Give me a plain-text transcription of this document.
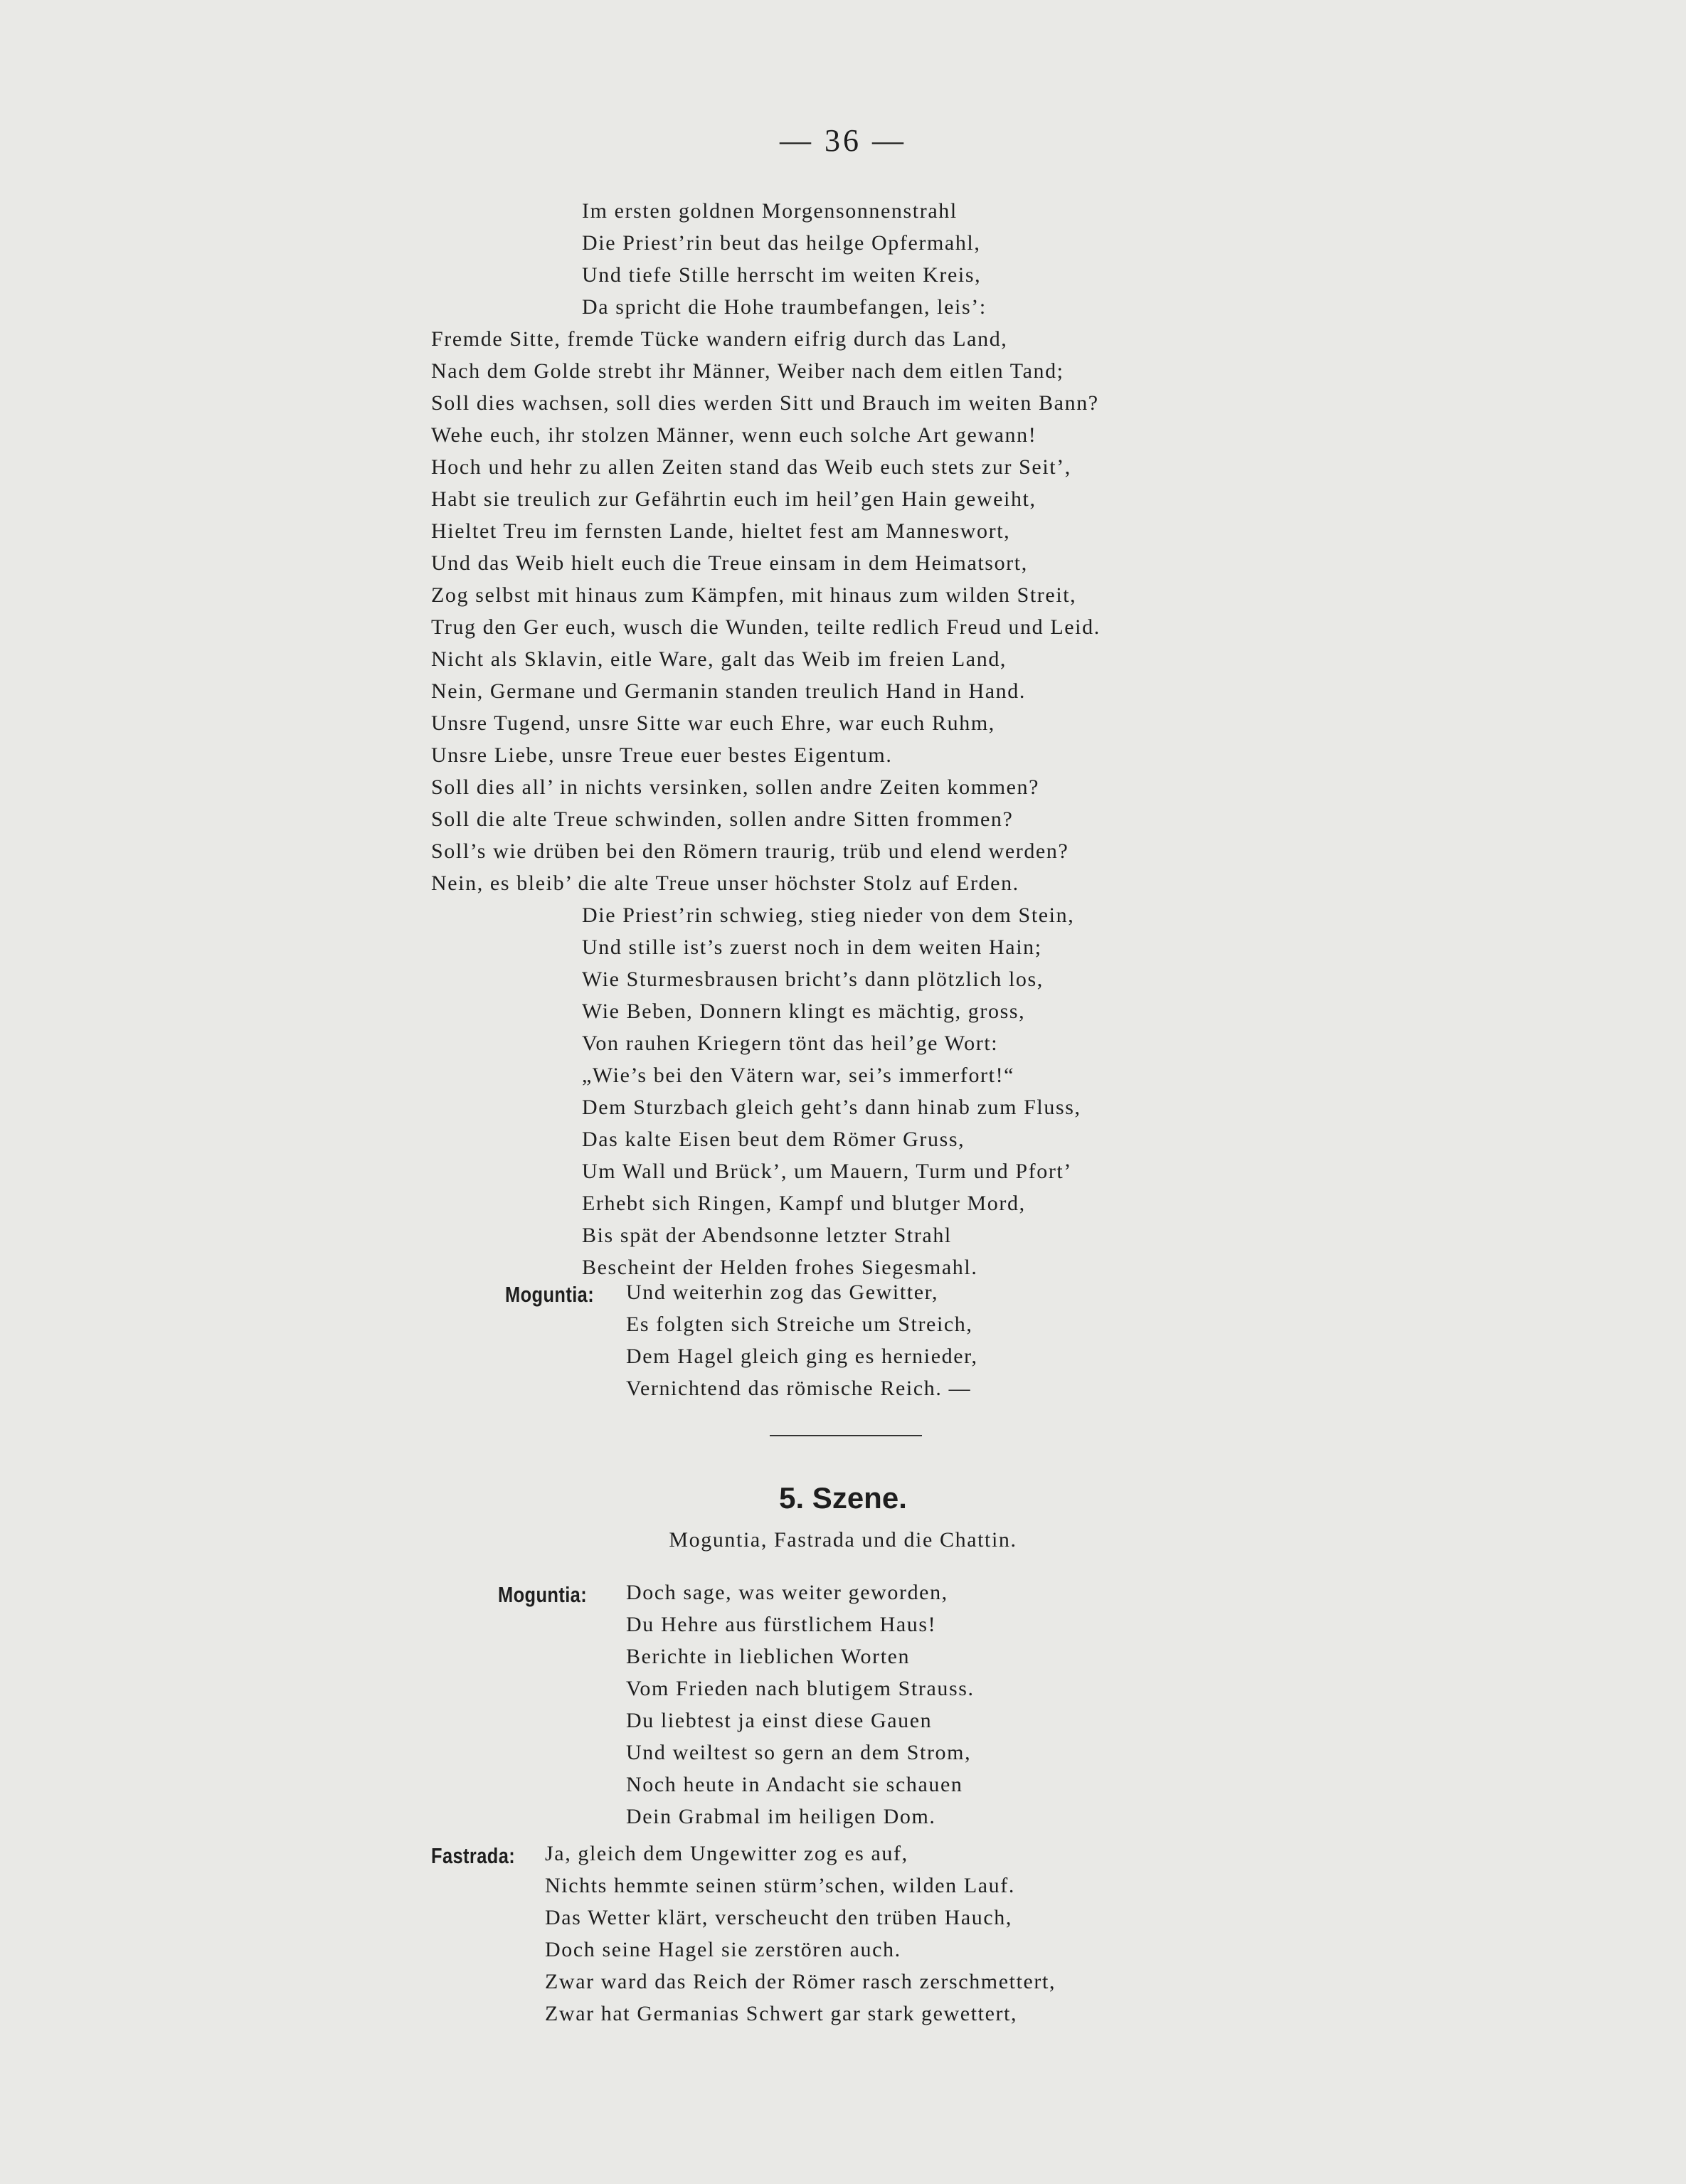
— 36 —
Im ersten goldnen Morgensonnenstrahl
Die Priest’rin beut das heilge Opfermahl,
Und tiefe Stille herrscht im weiten Kreis,
Da spricht die Hohe traumbefangen, leis’:
Fremde Sitte, fremde Tücke wandern eifrig durch das Land,
Nach dem Golde strebt ihr Männer, Weiber nach dem eitlen Tand;
Soll dies wachsen, soll dies werden Sitt und Brauch im weiten Bann?
Wehe euch, ihr stolzen Männer, wenn euch solche Art gewann!
Hoch und hehr zu allen Zeiten stand das Weib euch stets zur Seit’,
Habt sie treulich zur Gefährtin euch im heil’gen Hain geweiht,
Hieltet Treu im fernsten Lande, hieltet fest am Manneswort,
Und das Weib hielt euch die Treue einsam in dem Heimatsort,
Zog selbst mit hinaus zum Kämpfen, mit hinaus zum wilden Streit,
Trug den Ger euch, wusch die Wunden, teilte redlich Freud und Leid.
Nicht als Sklavin, eitle Ware, galt das Weib im freien Land,
Nein, Germane und Germanin standen treulich Hand in Hand.
Unsre Tugend, unsre Sitte war euch Ehre, war euch Ruhm,
Unsre Liebe, unsre Treue euer bestes Eigentum.
Soll dies all’ in nichts versinken, sollen andre Zeiten kommen?
Soll die alte Treue schwinden, sollen andre Sitten frommen?
Soll’s wie drüben bei den Römern traurig, trüb und elend werden?
Nein, es bleib’ die alte Treue unser höchster Stolz auf Erden.
Die Priest’rin schwieg, stieg nieder von dem Stein,
Und stille ist’s zuerst noch in dem weiten Hain;
Wie Sturmesbrausen bricht’s dann plötzlich los,
Wie Beben, Donnern klingt es mächtig, gross,
Von rauhen Kriegern tönt das heil’ge Wort:
„Wie’s bei den Vätern war, sei’s immerfort!“
Dem Sturzbach gleich geht’s dann hinab zum Fluss,
Das kalte Eisen beut dem Römer Gruss,
Um Wall und Brück’, um Mauern, Turm und Pfort’
Erhebt sich Ringen, Kampf und blutger Mord,
Bis spät der Abendsonne letzter Strahl
Bescheint der Helden frohes Siegesmahl.
Moguntia: Und weiterhin zog das Gewitter,
Es folgten sich Streiche um Streich,
Dem Hagel gleich ging es hernieder,
Vernichtend das römische Reich. —
5. Szene.
Moguntia, Fastrada und die Chattin.
Moguntia: Doch sage, was weiter geworden,
Du Hehre aus fürstlichem Haus!
Berichte in lieblichen Worten
Vom Frieden nach blutigem Strauss.
Du liebtest ja einst diese Gauen
Und weiltest so gern an dem Strom,
Noch heute in Andacht sie schauen
Dein Grabmal im heiligen Dom.
Fastrada: Ja, gleich dem Ungewitter zog es auf,
Nichts hemmte seinen stürm’schen, wilden Lauf.
Das Wetter klärt, verscheucht den trüben Hauch,
Doch seine Hagel sie zerstören auch.
Zwar ward das Reich der Römer rasch zerschmettert,
Zwar hat Germanias Schwert gar stark gewettert,
